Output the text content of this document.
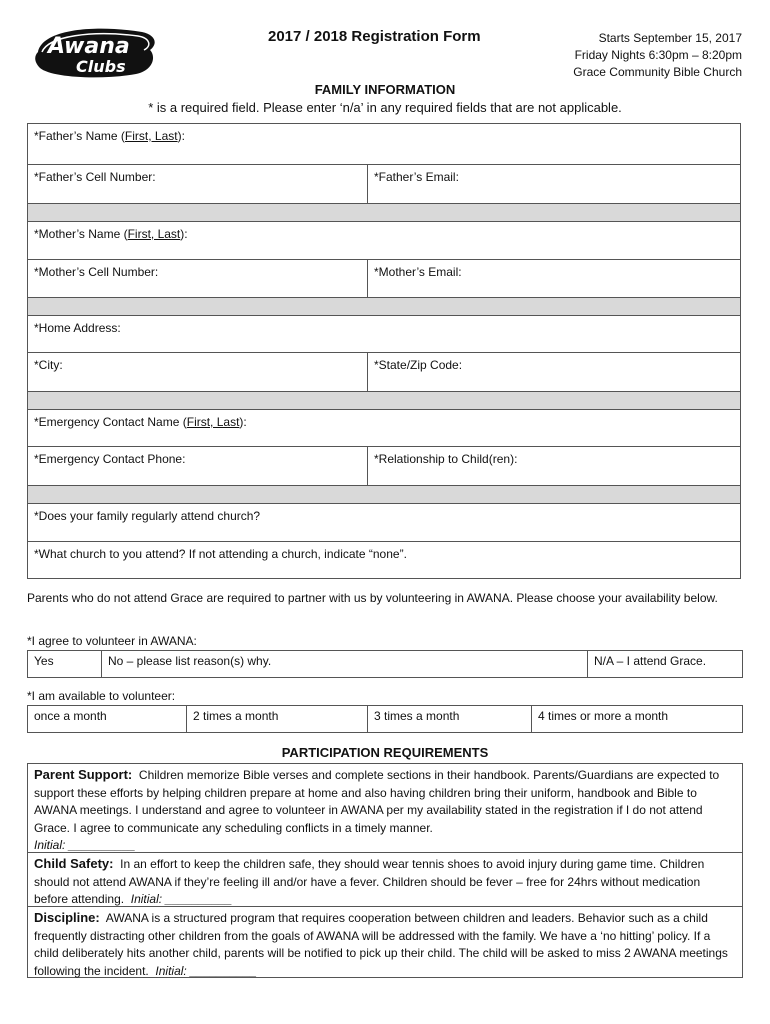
Awana
Clubs
2017 / 2018 Registration Form	Starts September 15, 2017
Friday Nights 6:30pm – 8:20pm
Grace Community Bible Church
FAMILY INFORMATION
* is a required field. Please enter ‘n/a’ in any required fields that are not applicable.
*Father’s Name (First, Last):
*Father’s Cell Number:	*Father’s Email:
*Mother’s Name (First, Last):
*Mother’s Cell Number:	*Mother’s Email:
*Home Address:
*City:	*State/Zip Code:
*Emergency Contact Name (First, Last):
*Emergency Contact Phone:	*Relationship to Child(ren):
*Does your family regularly attend church?
*What church to you attend? If not attending a church, indicate “none”.
Parents who do not attend Grace are required to partner with us by volunteering in AWANA. Please choose your availability below.
*I agree to volunteer in AWANA:
Yes	No – please list reason(s) why.	N/A – I attend Grace.
*I am available to volunteer:
once a month	2 times a month	3 times a month	4 times or more a month
PARTICIPATION REQUIREMENTS
Parent Support: Children memorize Bible verses and complete sections in their handbook. Parents/Guardians are expected to support these efforts by helping children prepare at home and also having children bring their uniform, handbook and Bible to AWANA meetings. I understand and agree to volunteer in AWANA per my availability stated in the registration if I do not attend Grace. I agree to communicate any scheduling conflicts in a timely manner.
Initial: __________
Child Safety: In an effort to keep the children safe, they should wear tennis shoes to avoid injury during game time. Children should not attend AWANA if they’re feeling ill and/or have a fever. Children should be fever – free for 24hrs without medication before attending. Initial: __________
Discipline: AWANA is a structured program that requires cooperation between children and leaders. Behavior such as a child frequently distracting other children from the goals of AWANA will be addressed with the family. We have a ‘no hitting’ policy. If a child deliberately hits another child, parents will be notified to pick up their child. The child will be asked to miss 2 AWANA meetings following the incident. Initial: __________
